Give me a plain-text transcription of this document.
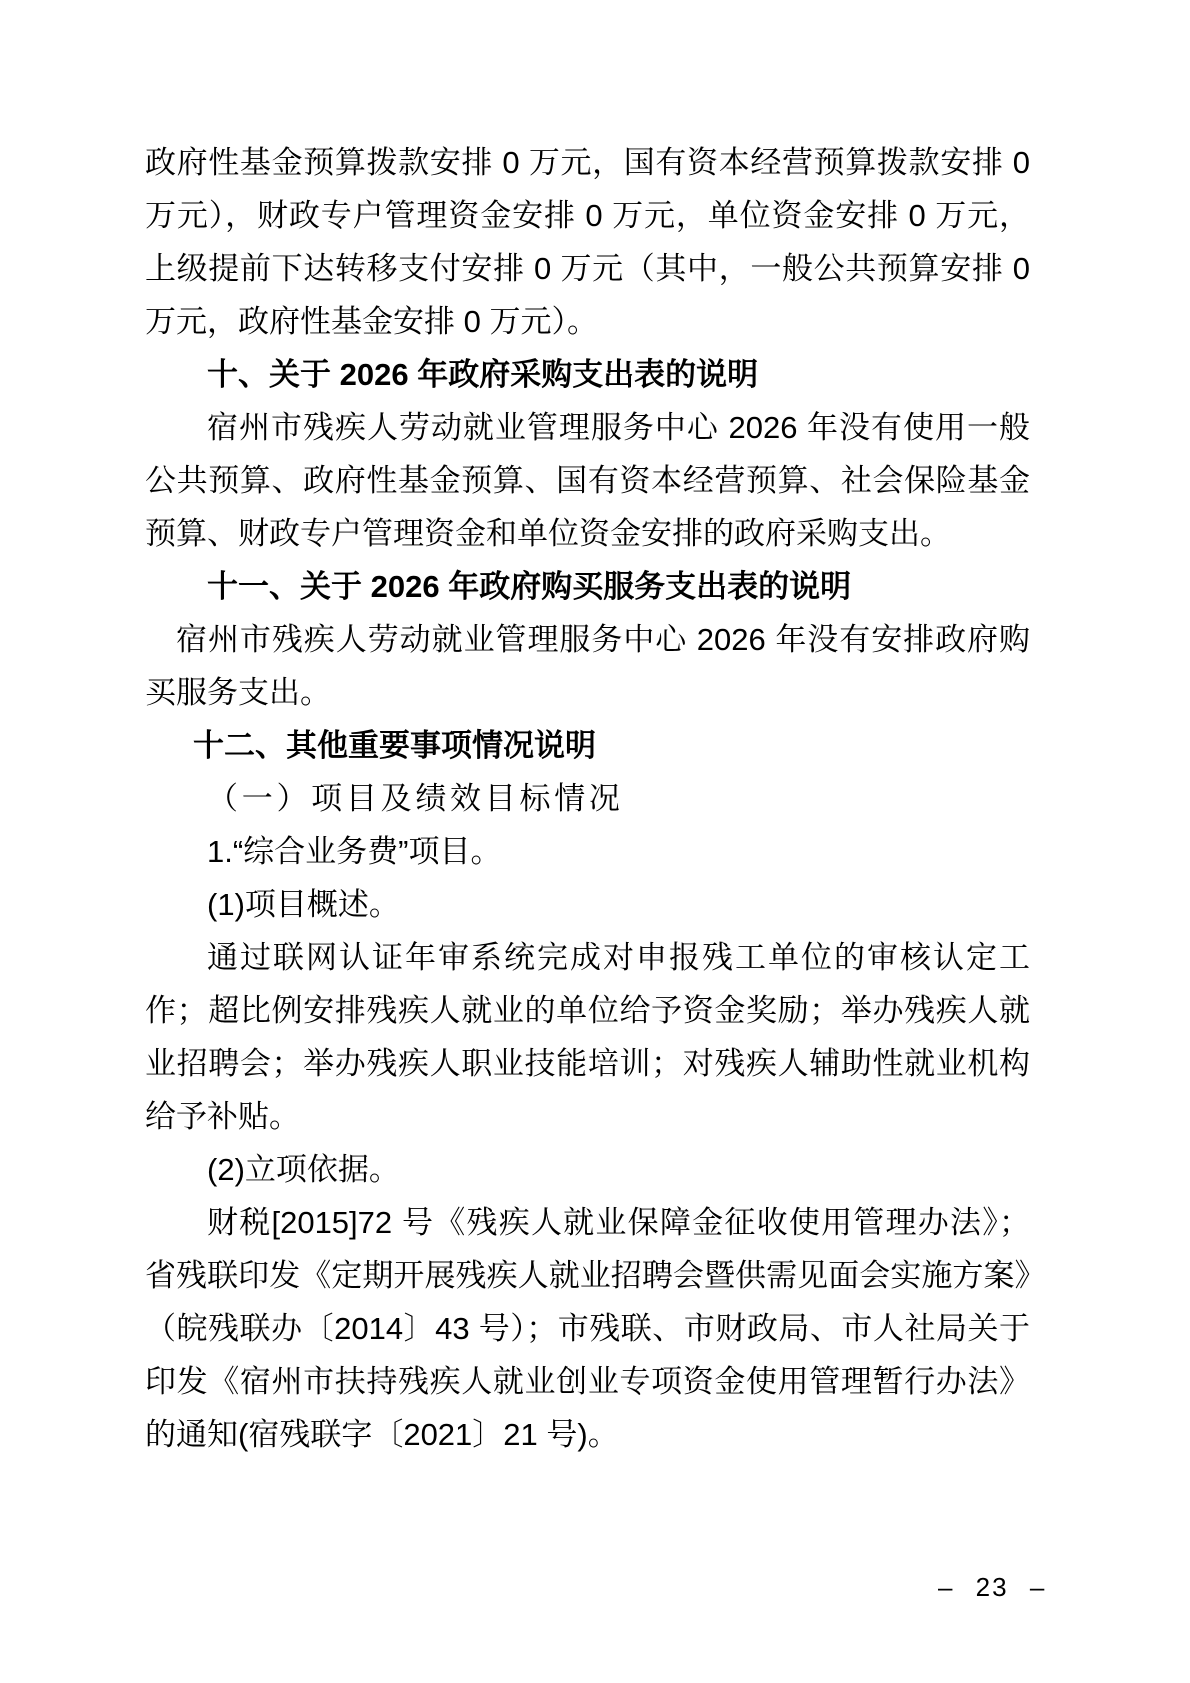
政府性基金预算拨款安排 0 万元，国有资本经营预算拨款安排 0 万元），财政专户管理资金安排 0 万元，单位资金安排 0 万元，上级提前下达转移支付安排 0 万元（其中，一般公共预算安排 0 万元，政府性基金安排 0 万元）。

十、关于 2026 年政府采购支出表的说明

宿州市残疾人劳动就业管理服务中心 2026 年没有使用一般公共预算、政府性基金预算、国有资本经营预算、社会保险基金预算、财政专户管理资金和单位资金安排的政府采购支出。

十一、关于 2026 年政府购买服务支出表的说明

宿州市残疾人劳动就业管理服务中心 2026 年没有安排政府购买服务支出。

十二、其他重要事项情况说明

（一）项目及绩效目标情况

1.“综合业务费”项目。

(1)项目概述。

通过联网认证年审系统完成对申报残工单位的审核认定工作；超比例安排残疾人就业的单位给予资金奖励；举办残疾人就业招聘会；举办残疾人职业技能培训；对残疾人辅助性就业机构给予补贴。

(2)立项依据。

财税[2015]72 号《残疾人就业保障金征收使用管理办法》；省残联印发《定期开展残疾人就业招聘会暨供需见面会实施方案》（皖残联办〔2014〕43 号）；市残联、市财政局、市人社局关于印发《宿州市扶持残疾人就业创业专项资金使用管理暂行办法》的通知(宿残联字〔2021〕21 号)。

– 23 –
